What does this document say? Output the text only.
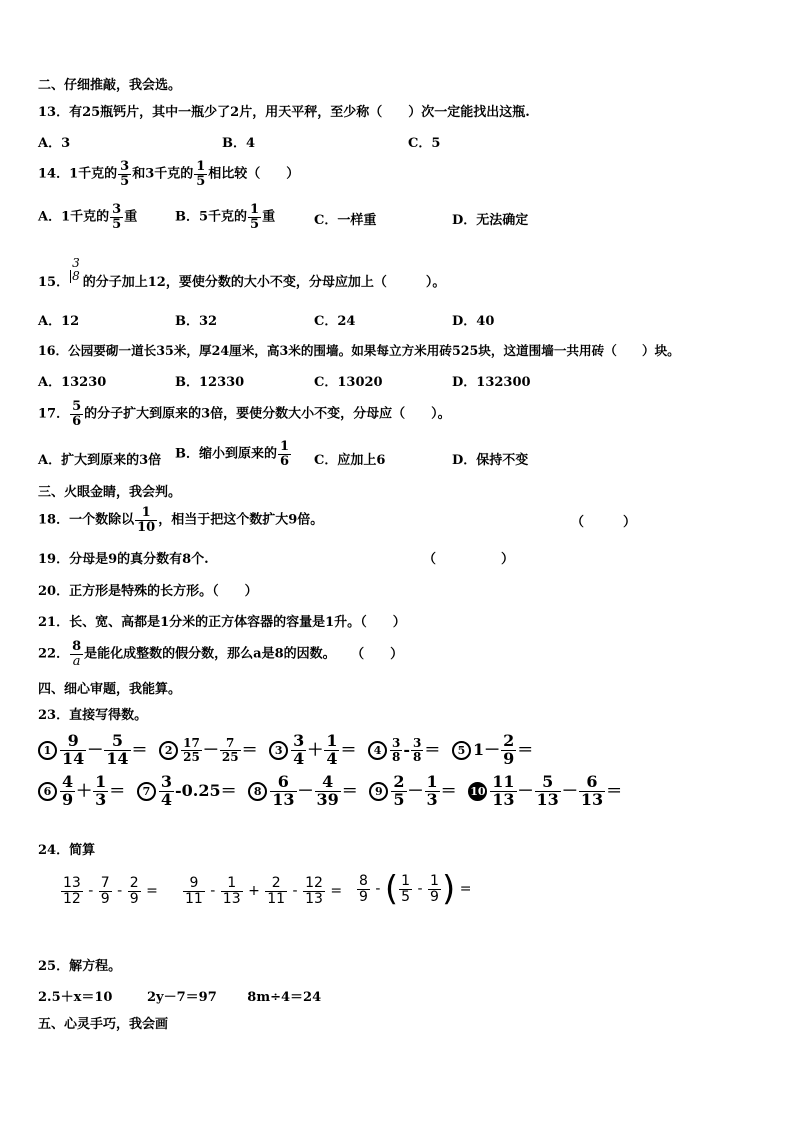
二、仔细推敲，我会选。
13．有25瓶钙片，其中一瓶少了2片，用天平秤，至少称（　　）次一定能找出这瓶.
A．3	B．4	C．5
14．1千克的 $\frac{3}{5}$ 和3千克的 $\frac{1}{5}$ 相比较（　　）
A．1千克的 $\frac{3}{5}$ 重	B．5千克的 $\frac{1}{5}$ 重	C．一样重	D．无法确定
15．
3
8 的分子加上12，要使分数的大小不变，分母应加上（　　　）。
A．12	B．32	C．24	D．40
16．公园要砌一道长35米，厚24厘米，高3米的围墙。如果每立方米用砖525块，这道围墙一共用砖（　　）块。
A．13230	B．12330	C．13020	D．132300
17． $\frac{5}{6}$ 的分子扩大到原来的3倍，要使分数大小不变，分母应（　　）。
A．扩大到原来的3倍 B．缩小到原来的 $\frac{1}{6}$ C．应加上6	D．保持不变
三、火眼金睛，我会判。
18．一个数除以 $\frac{1}{10}$ ，相当于把这个数扩大9倍。	（　　　）
19．分母是9的真分数有8个.	（　　　　　）
20．正方形是特殊的长方形。（　　）
21．长、宽、高都是1分米的正方体容器的容量是1升。（　　）
22． $\frac{8}{a}$ 是能化成整数的假分数，那么a是8的因数。 （　　）
四、细心审题，我能算。
23．直接写得数。
$1 \frac{9}{14} - \frac{5}{14} = 2 \frac{17}{25} - \frac{7}{25} = 3 \frac{3}{4} + \frac{1}{4} = 4 \frac{3}{8} - \frac{3}{8} = 5$ $1- \frac{2}{9}$ ＝
$6 \frac{4}{9} + \frac{1}{3} = 7 \frac{3}{4} -0.25= 8 \frac{6}{13} - \frac{4}{39} = 9 \frac{2}{5} - \frac{1}{3} = 10 \frac{11}{13} - \frac{5}{13} - \frac{6}{13}$ ＝
24．简算
$\frac{13}{12} - \frac{7}{9} - \frac{2}{9} = \frac{9}{11} - \frac{1}{13} + \frac{2}{11} - \frac{12}{13} = \frac{8}{9}$ - ( $\frac{1}{5} - \frac{1}{9}$ ) =
25．解方程。
2.5＋x＝10	2y－7＝97 8m÷4＝24
五、心灵手巧，我会画
